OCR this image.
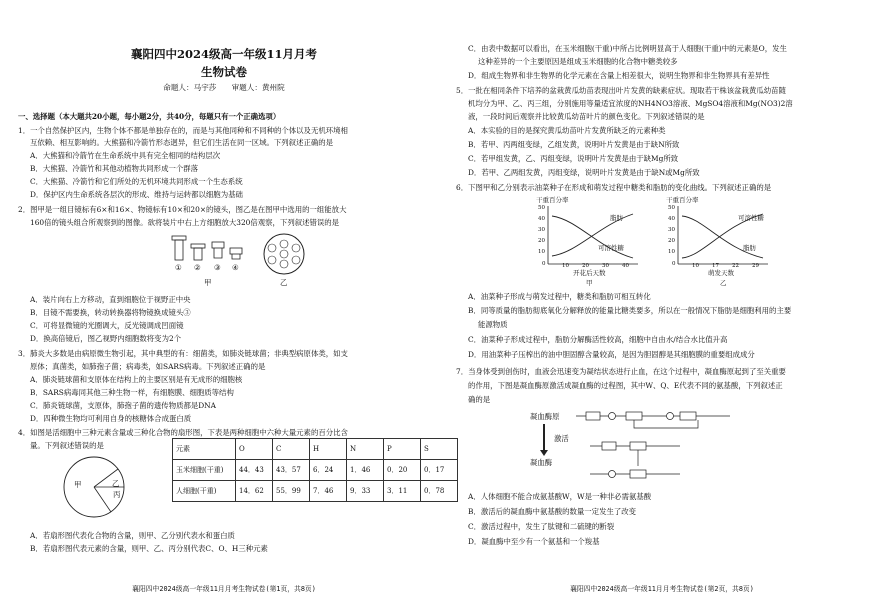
襄阳四中2024级高一年级11月月考
生物试卷
命题人：马宇莎　　审题人：黄州院
一、选择题（本大题共20小题，每小题2分，共40分，每题只有一个正确选项）
1．一个自然保护区内，生物个体不都是单独存在的，而是与其他同种和不同种的个体以及无机环境相
互依赖、相互影响的。大熊猫和冷箭竹形态迥异，但它们生活在同一区域。下列叙述正确的是
A．大熊猫和冷箭竹在生命系统中具有完全相同的结构层次
B．大熊猫、冷箭竹和其他动植物共同形成一个群落
C．大熊猫、冷箭竹和它们所处的无机环境共同形成一个生态系统
D．保护区内生命系统各层次的形成、维持与运转都以细胞为基础
2．图甲是一组目镜标有6×和16×、物镜标有10×和20×的镜头，图乙是在图甲中选用的一组能放大
160倍的镜头组合所观察到的图像。欲将装片中右上方细胞放大320倍观察，下列叙述错误的是
① ② ③ ④
甲	乙
A．装片向右上方移动，直到细胞位于视野正中央
B．目镜不需要换，转动转换器将物镜换成镜头③
C．可将显微镜的光圈调大，反光镜调成凹面镜
D．换高倍镜后，图乙视野内细胞数将变为2个
3．肺炎大多数是由病原微生物引起，其中典型的有：细菌类，如肺炎链球菌；非典型病原体类，如支
原体；真菌类，如肺孢子菌；病毒类，如SARS病毒。下列叙述正确的是
A．肺炎链球菌和支原体在结构上的主要区别是有无成形的细胞核
B．SARS病毒同其他三种生物一样，有细胞膜、细胞质等结构
C．肺炎链球菌，支原体，肺孢子菌的遗传物质都是DNA
D．四种微生物均可利用自身的核糖体合成蛋白质
4．如图是活细胞中三种元素含量或三种化合物的扇形图，下表是两种细胞中六种大量元素的百分比含
量。下列叙述错误的是
甲	乙
丙
元素	O	C	H	N	P	S
玉米细胞(干重)	44．43	43．57	6．24	1．46	0．20	0．17
人细胞(干重)	14．62	55．99	7．46	9．33	3．11	0．78
A．若扇形图代表化合物的含量，则甲、乙分别代表水和蛋白质
B．若扇形图代表元素的含量，则甲、乙、丙分别代表C、O、H三种元素
襄阳四中2024级高一年级11月月考生物试卷(第1页，共8页)
C．由表中数据可以看出，在玉米细胞(干重)中所占比例明显高于人细胞(干重)中的元素是O，发生
这种差异的一个主要原因是组成玉米细胞的化合物中糖类较多
D．组成生物界和非生物界的化学元素在含量上相差很大，说明生物界和非生物界具有差异性
5．一批在相同条件下培养的盆栽黄瓜幼苗表现出叶片发黄的缺素症状。现取若干株该盆栽黄瓜幼苗随
机均分为甲、乙、丙三组，分别施用等量适宜浓度的NH4NO3溶液、MgSO4溶液和Mg(NO3)2溶
液，一段时间后观察并比较黄瓜幼苗叶片的颜色变化。下列叙述错误的是
A．本实验的目的是探究黄瓜幼苗叶片发黄所缺乏的元素种类
B．若甲、丙两组变绿，乙组发黄，说明叶片发黄是由于缺N所致
C．若甲组发黄，乙、丙组变绿，说明叶片发黄是由于缺Mg所致
D．若甲、乙两组发黄，丙组变绿，说明叶片发黄是由于缺N或Mg所致
6．下图甲和乙分别表示油菜种子在形成和萌发过程中糖类和脂肪的变化曲线。下列叙述正确的是
干重百分率
脂肪
可溶性糖
开花后天数
甲
干重百分率
可溶性糖
脂肪
萌发天数
乙
50
40
30
20
10
0	10 20 30 40
50
40
30
20
10
0	10 17 22 29
A．油菜种子形成与萌发过程中，糖类和脂肪可相互转化
B．同等质量的脂肪彻底氧化分解释放的能量比糖类要多，所以在一般情况下脂肪是细胞利用的主要
能源物质
C．油菜种子形成过程中，脂肪分解酶活性较高，细胞中自由水/结合水比值升高
D．用油菜种子压榨出的油中胆固醇含量较高，是因为胆固醇是其细胞膜的重要组成成分
7．当身体受到创伤时，血液会迅速变为凝结状态进行止血，在这个过程中，凝血酶原起到了至关重要
的作用，下图是凝血酶原激活成凝血酶的过程图，其中W、Q、E代表不同的氨基酸，下列叙述正
确的是
凝血酶原
激活
凝血酶
A．人体细胞不能合成氨基酸W，W是一种非必需氨基酸
B．激活后的凝血酶中氨基酸的数量一定发生了改变
C．激活过程中，发生了肽键和二硫键的断裂
D．凝血酶中至少有一个氨基和一个羧基
襄阳四中2024级高一年级11月月考生物试卷(第2页，共8页)
